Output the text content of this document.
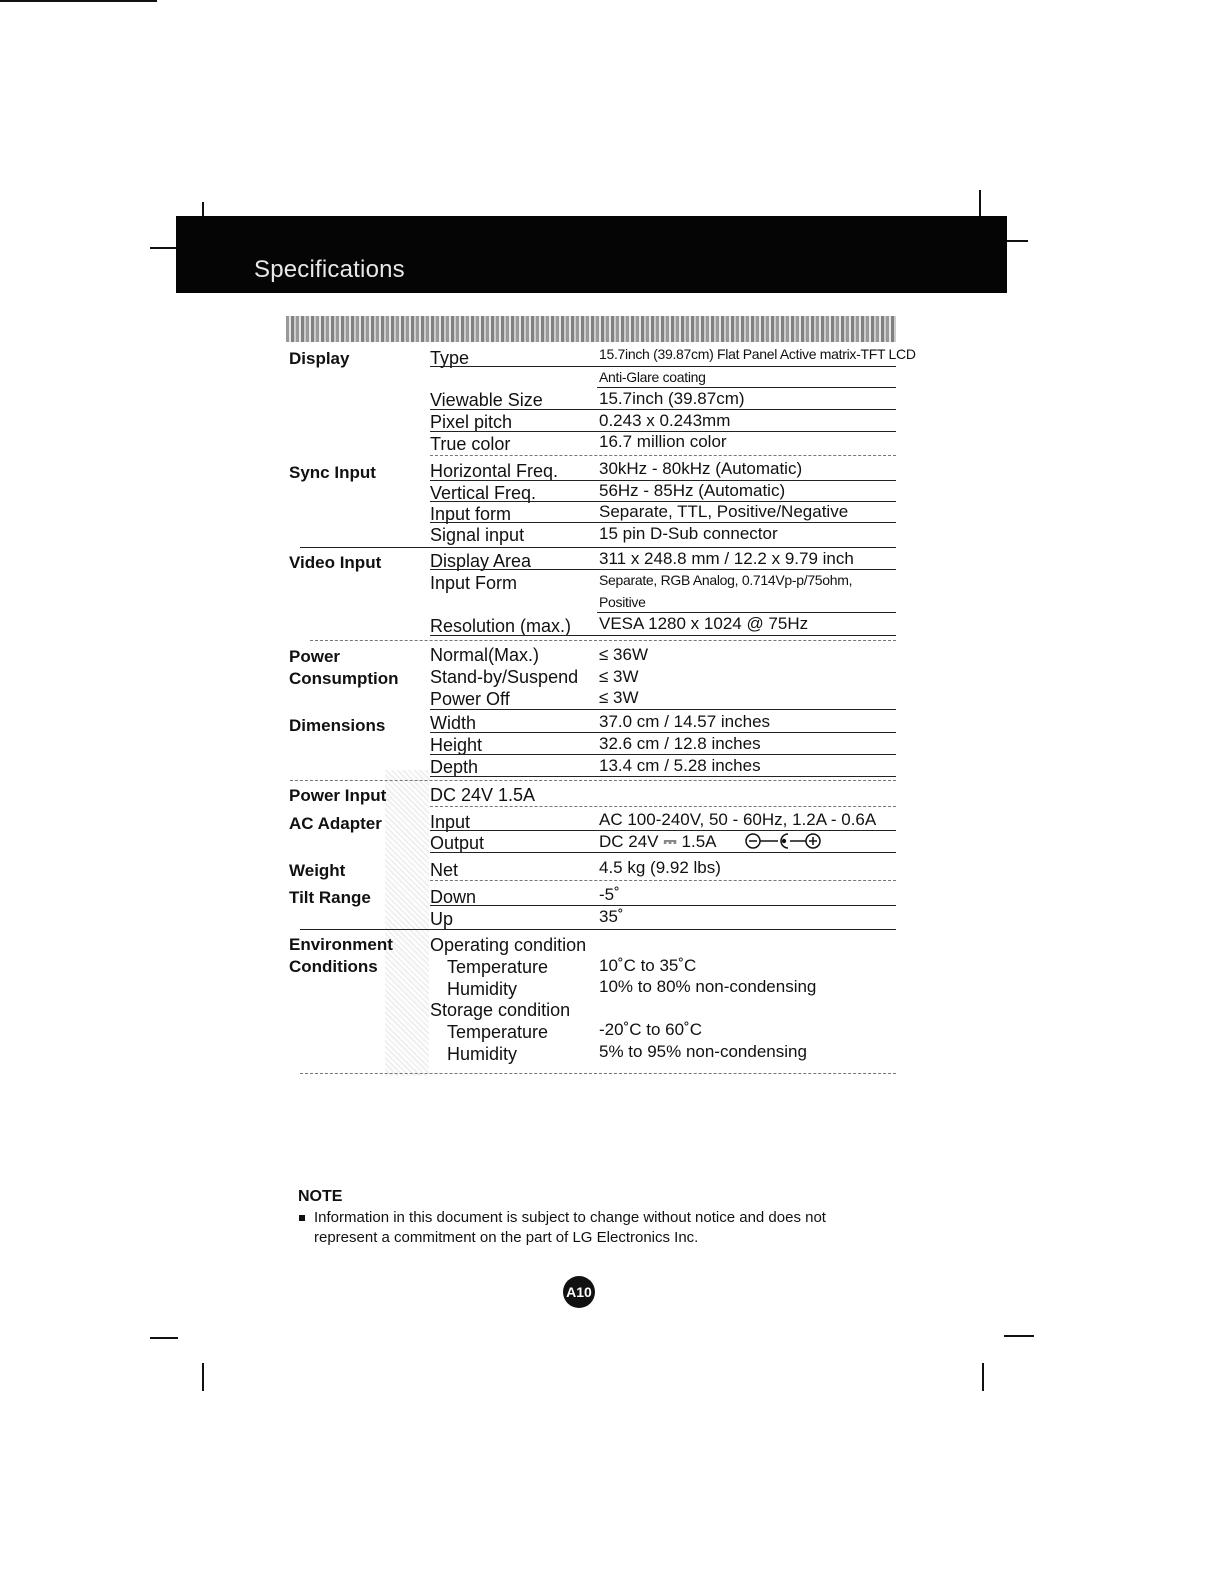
Specifications
Display	Type	15.7inch (39.87cm) Flat Panel Active matrix-TFT LCD
Anti-Glare coating
Viewable Size	15.7inch (39.87cm)
Pixel pitch	0.243 x 0.243mm
True color	16.7 million color
Sync Input	Horizontal Freq. 30kHz - 80kHz (Automatic)
Vertical Freq.	56Hz - 85Hz (Automatic)
Input form	Separate, TTL, Positive/Negative
Signal input	15 pin D-Sub connector
Video Input	Display Area	311 x 248.8 mm / 12.2 x 9.79 inch
Input Form	Separate, RGB Analog, 0.714Vp-p/75ohm,
Positive
Resolution (max.) VESA 1280 x 1024 @ 75Hz
Power
Consumption
Normal(Max.)	≤ 36W
Stand-by/Suspend ≤ 3W
Power Off	≤ 3W
Dimensions Width	37.0 cm / 14.57 inches
Height	32.6 cm / 12.8 inches
Depth	13.4 cm / 5.28 inches
Power Input DC 24V 1.5A
AC Adapter	Input	AC 100-240V, 50 - 60Hz, 1.2A - 0.6A
Output	DC 24V ⎓ 1.5A
Weight	Net	4.5 kg (9.92 lbs)
Tilt Range	Down	-5˚
Up	35˚
Environment
Conditions
Operating condition
Temperature	10˚C to 35˚C
Humidity	10% to 80% non-condensing
Storage condition
Temperature	-20˚C to 60˚C
Humidity	5% to 95% non-condensing
NOTE
Information in this document is subject to change without notice and does not represent a commitment on the part of LG Electronics Inc.
A10
